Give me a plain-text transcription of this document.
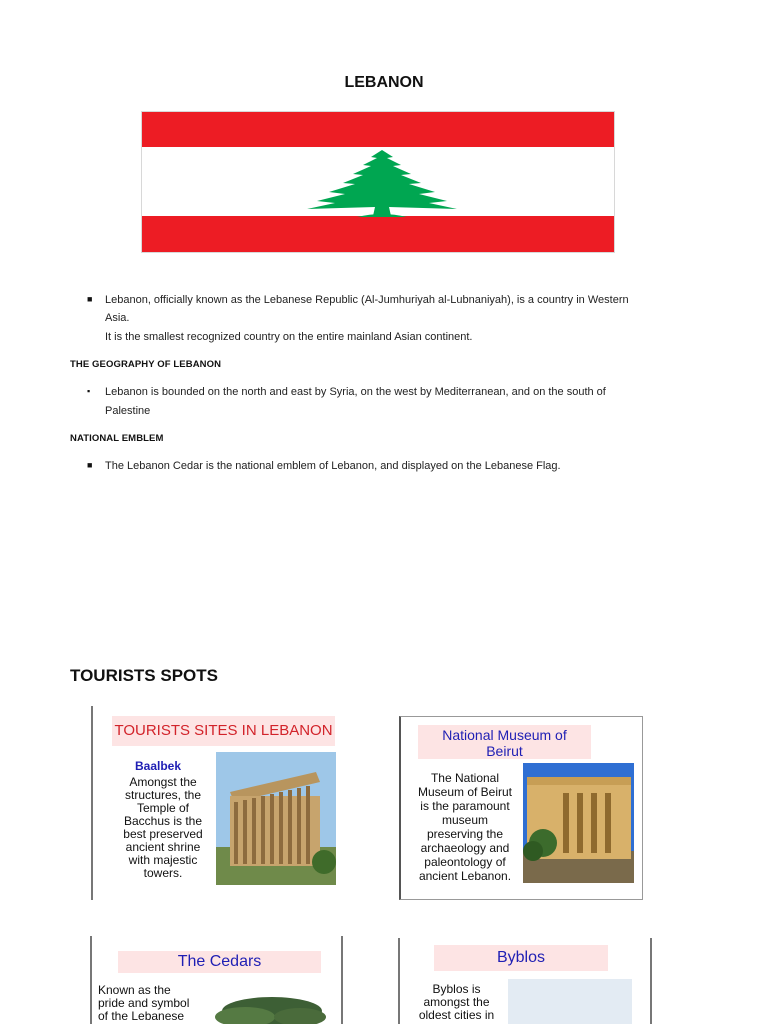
LEBANON
■ Lebanon, officially known as the Lebanese Republic (Al-Jumhuriyah al-Lubnaniyah), is a country in Western
Asia.
It is the smallest recognized country on the entire mainland Asian continent.
THE GEOGRAPHY OF LEBANON
▪ Lebanon is bounded on the north and east by Syria, on the west by Mediterranean, and on the south of
Palestine
NATIONAL EMBLEM
■ The Lebanon Cedar is the national emblem of Lebanon, and displayed on the Lebanese Flag.
TOURISTS SPOTS
TOURISTS SITES IN LEBANON
Baalbek
Amongst the
structures, the
Temple of
Bacchus is the
best preserved
ancient shrine
with majestic
towers.
National Museum of
Beirut
The National
Museum of Beirut
is the paramount
museum
preserving the
archaeology and
paleontology of
ancient Lebanon.
The Cedars
Known as the
pride and symbol
of the Lebanese
Byblos
Byblos is
amongst the
oldest cities in
